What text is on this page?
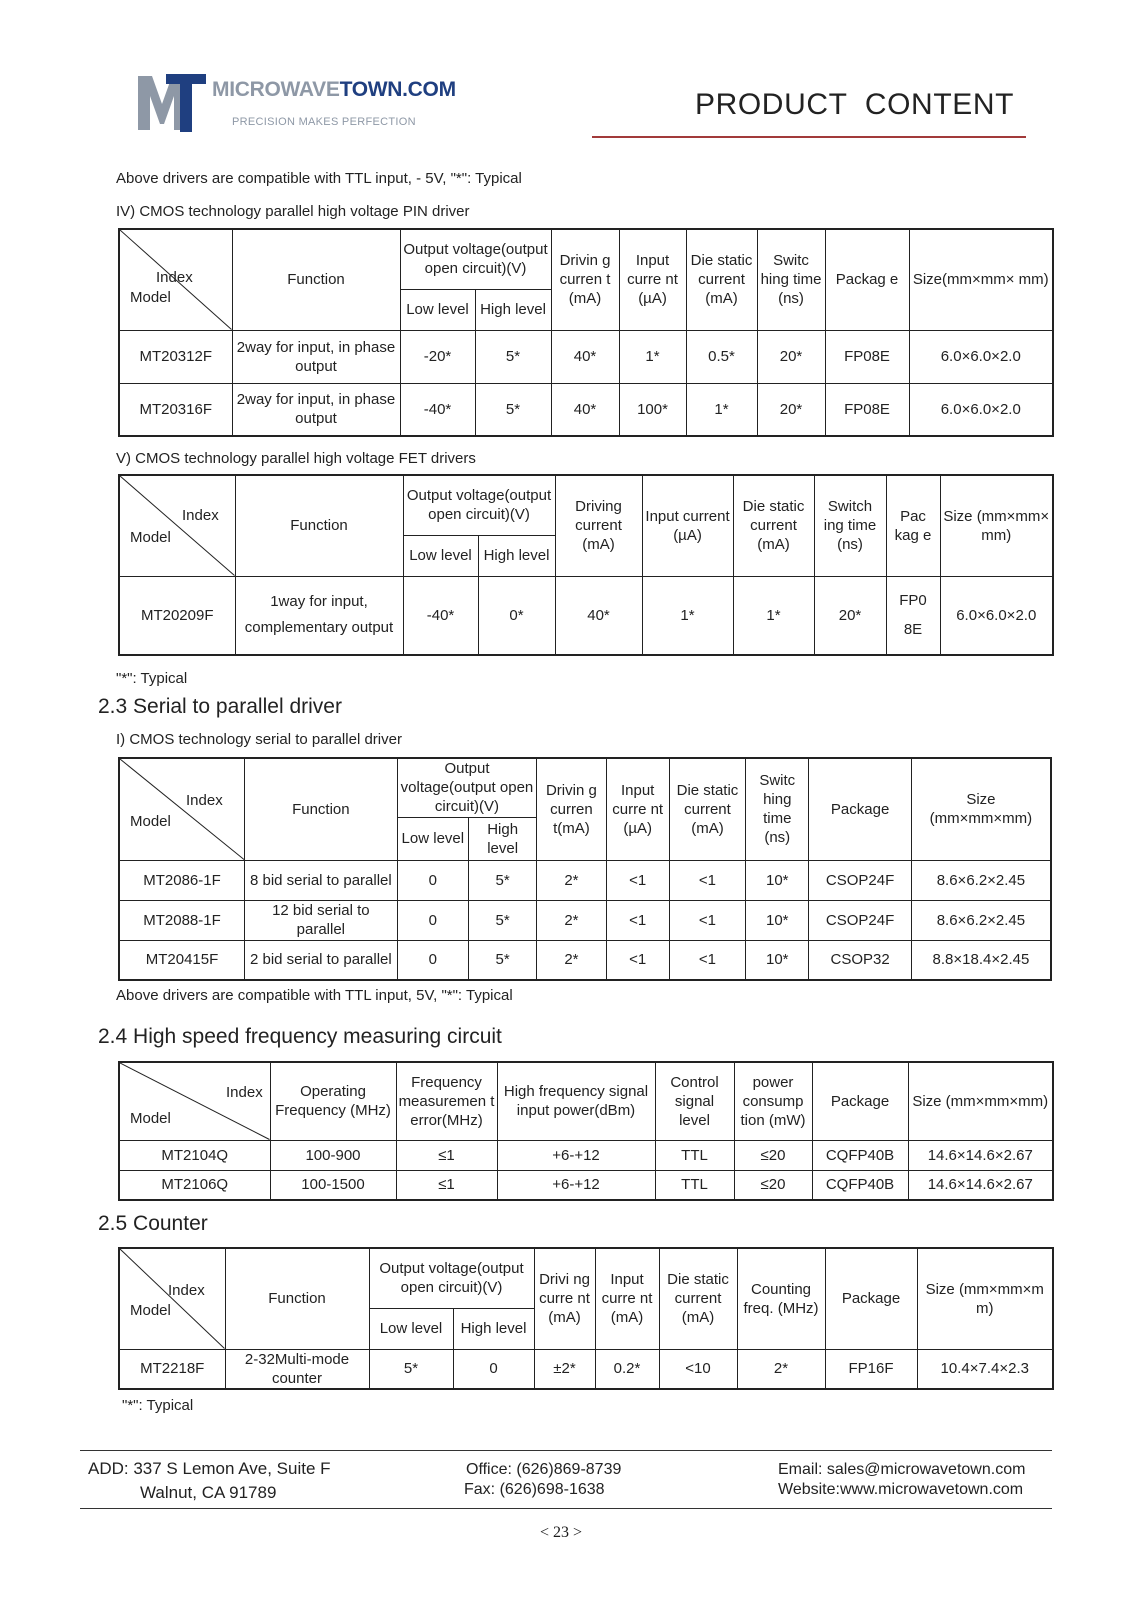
MICROWAVETOWN.COM
PRECISION MAKES PERFECTION
PRODUCT  CONTENT
Above drivers are compatible with TTL input, - 5V, "*": Typical
IV) CMOS technology parallel high voltage PIN driver
Index
Model	Function	Output voltage(output open circuit)(V)		Drivin g curren t (mA)	Input curre nt (µA)	Die static current (mA)	Switc hing time (ns)	Packag e	Size(mm×mm× mm)
		Low level	High level						
MT20312F	2way for input, in phase output	-20*	5*	40*	1*	0.5*	20*	FP08E	6.0×6.0×2.0
MT20316F	2way for input, in phase output	-40*	5*	40*	100*	1*	20*	FP08E	6.0×6.0×2.0
V) CMOS technology parallel high voltage FET drivers
Index
Model	Function	Output voltage(output open circuit)(V)		Driving current (mA)	Input current (µA)	Die static current (mA)	Switch ing time (ns)	Pac kag e	Size (mm×mm× mm)
		Low level	High level						
MT20209F	1way for input, complementary output	-40*	0*	40*	1*	1*	20*	FP0 8E	6.0×6.0×2.0
"*": Typical
2.3 Serial to parallel driver
I) CMOS technology serial to parallel driver
Index
Model	Function	Output voltage(output open circuit)(V)		Drivin g curren t(mA)	Input curre nt (µA)	Die static current (mA)	Switc hing time (ns)	Package	Size (mm×mm×mm)
		Low level	High level						
MT2086-1F	8 bid serial to parallel	0	5*	2*	<1	<1	10*	CSOP24F	8.6×6.2×2.45
MT2088-1F	12 bid serial to parallel	0	5*	2*	<1	<1	10*	CSOP24F	8.6×6.2×2.45
MT20415F	2 bid serial to parallel	0	5*	2*	<1	<1	10*	CSOP32	8.8×18.4×2.45
Above drivers are compatible with TTL input, 5V, "*": Typical
2.4 High speed frequency measuring circuit
Index
Model	Operating Frequency (MHz)	Frequency measuremen t error(MHz)	High frequency signal input power(dBm)	Control signal level	power consump tion (mW)	Package	Size (mm×mm×mm)
MT2104Q	100-900	≤1	+6-+12	TTL	≤20	CQFP40B	14.6×14.6×2.67
MT2106Q	100-1500	≤1	+6-+12	TTL	≤20	CQFP40B	14.6×14.6×2.67
2.5 Counter
Index
Model	Function	Output voltage(output open circuit)(V)		Drivi ng curre nt (mA)	Input curre nt (mA)	Die static current (mA)	Counting freq. (MHz)	Package	Size (mm×mm×m m)
		Low level	High level						
MT2218F	2-32Multi-mode counter	5*	0	±2*	0.2*	<10	2*	FP16F	10.4×7.4×2.3
"*": Typical
ADD: 337 S Lemon Ave, Suite F
Walnut, CA 91789
Office: (626)869-8739
Fax: (626)698-1638
Email: sales@microwavetown.com
Website:www.microwavetown.com
< 23 >
